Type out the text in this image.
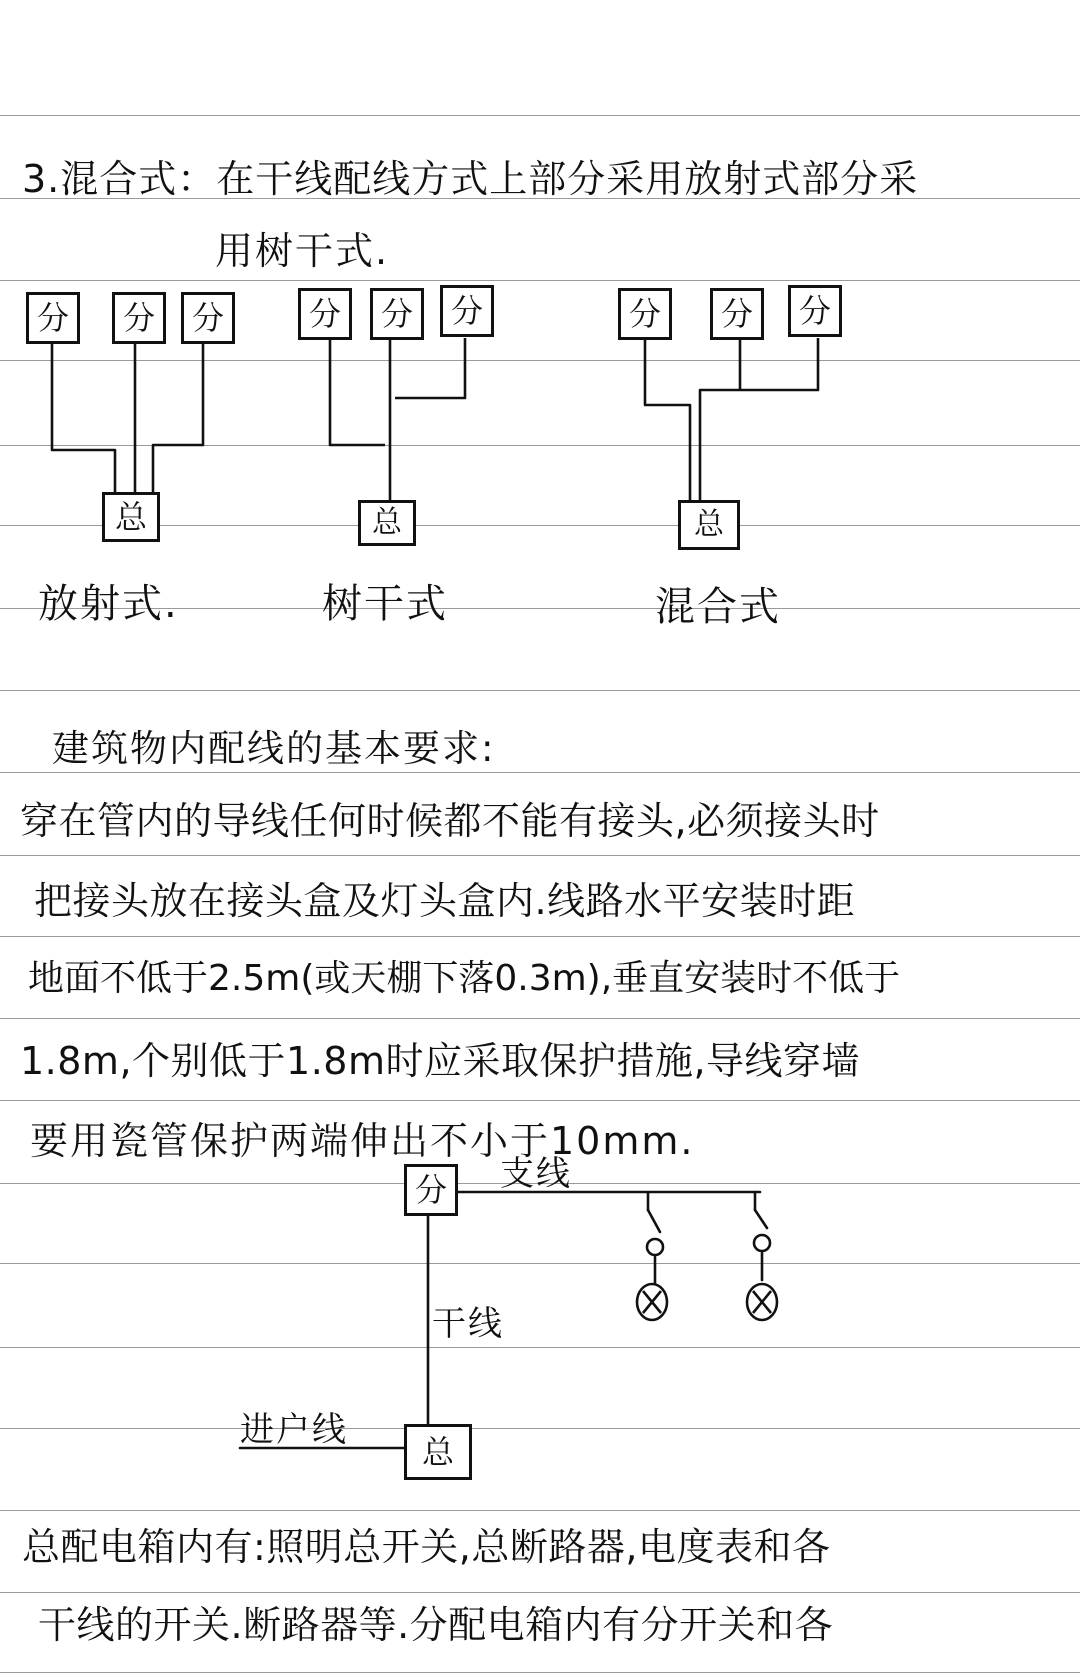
3.混合式：在干线配线方式上部分采用放射式部分采
用树干式.
分	分	分
总
放射式.
分	分	分
总
树干式
分	分	分
总
混合式
建筑物内配线的基本要求:
穿在管内的导线任何时候都不能有接头,必须接头时
把接头放在接头盒及灯头盒内.线路水平安装时距
地面不低于2.5m(或天棚下落0.3m),垂直安装时不低于
1.8m,个别低于1.8m时应采取保护措施,导线穿墙
要用瓷管保护两端伸出不小于10mm.
分	支线
干线
进户线
总
总配电箱内有:照明总开关,总断路器,电度表和各
干线的开关.断路器等.分配电箱内有分开关和各
